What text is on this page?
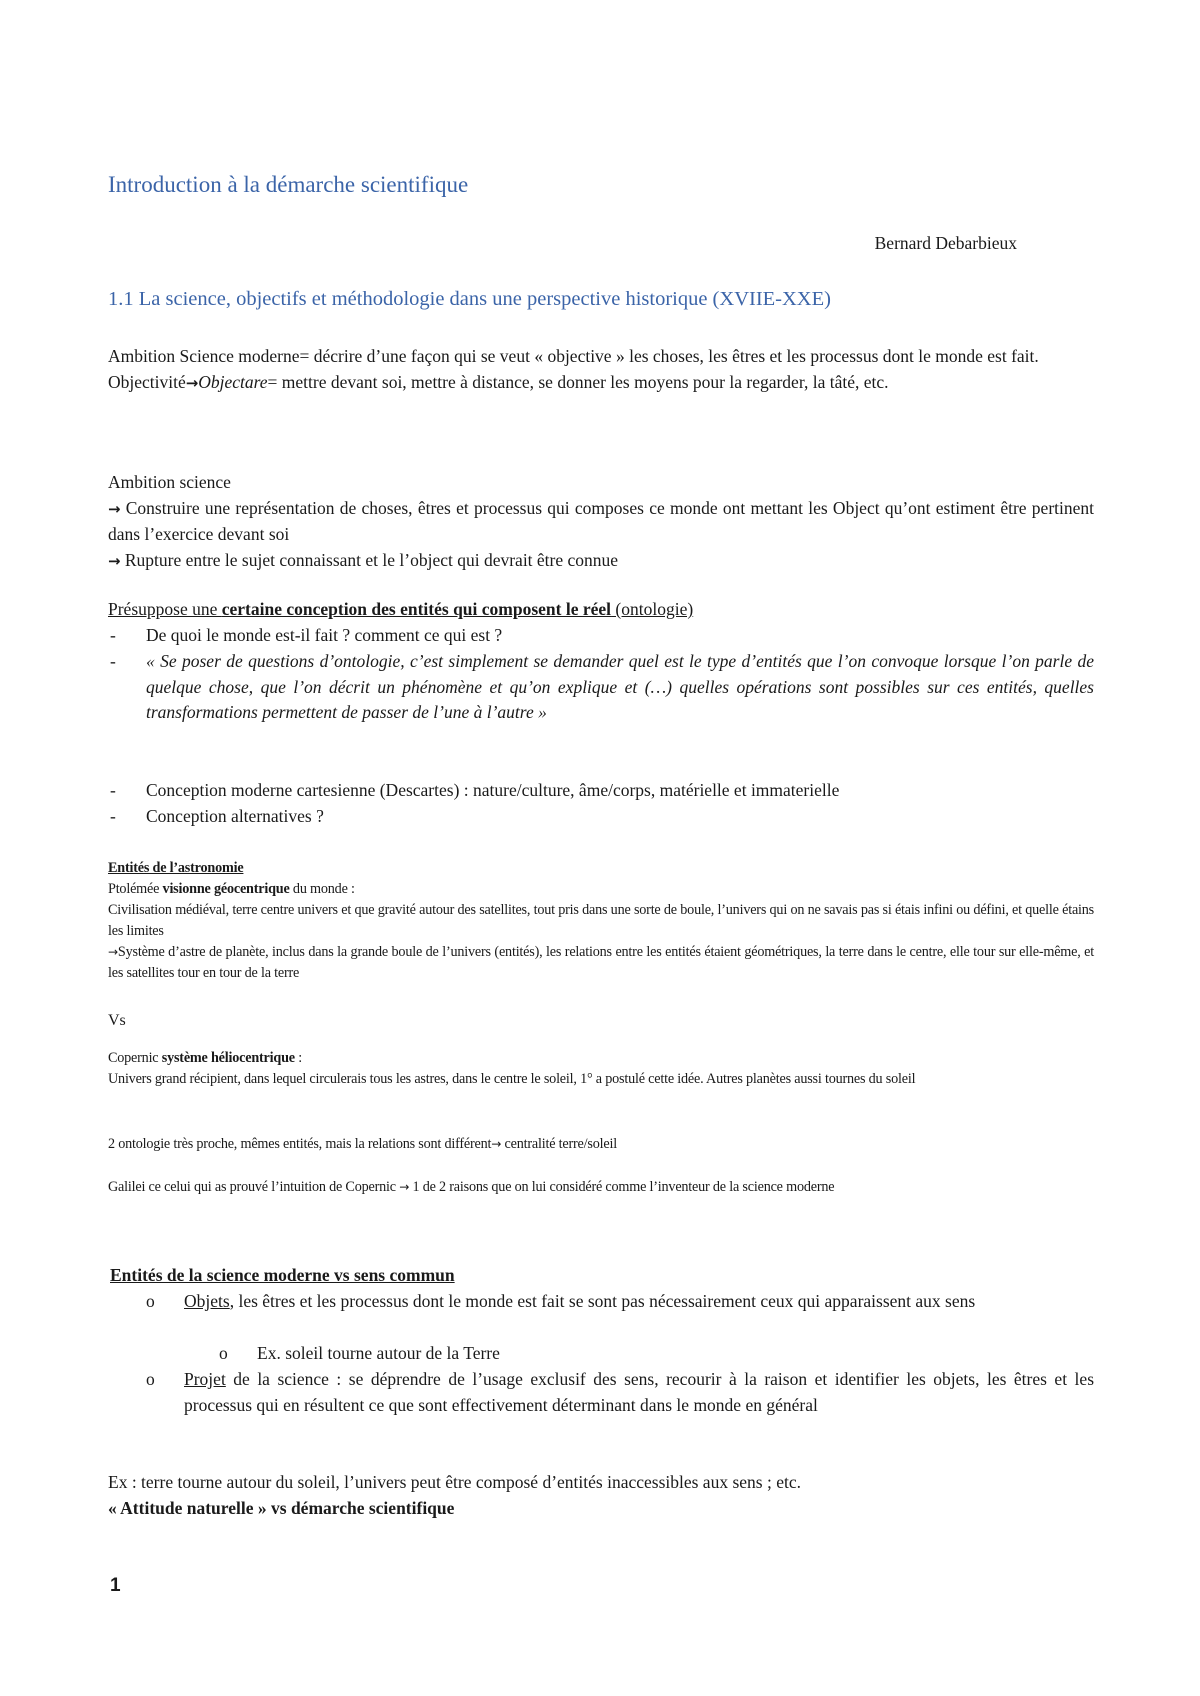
Introduction à la démarche scientifique
Bernard Debarbieux
1.1 La science, objectifs et méthodologie dans une perspective historique (XVIIE-XXE)
Ambition Science moderne= décrire d’une façon qui se veut « objective » les choses, les êtres et les processus dont le monde est fait.
Objectivité→Objectare= mettre devant soi, mettre à distance, se donner les moyens pour la regarder, la tâté, etc.
Ambition science
→ Construire une représentation de choses, êtres et processus qui composes ce monde ont mettant les Object qu’ont estiment être pertinent dans l’exercice devant soi
→ Rupture entre le sujet connaissant et le l’object qui devrait être connue
Présuppose une certaine conception des entités qui composent le réel (ontologie)
- De quoi le monde est-il fait ? comment ce qui est ?
- « Se poser de questions d’ontologie, c’est simplement se demander quel est le type d’entités que l’on convoque lorsque l’on parle de quelque chose, que l’on décrit un phénomène et qu’on explique et (…) quelles opérations sont possibles sur ces entités, quelles transformations permettent de passer de l’une à l’autre »
- Conception moderne cartesienne (Descartes) : nature/culture, âme/corps, matérielle et immaterielle
- Conception alternatives ?
Entités de l’astronomie
Ptolémée visionne géocentrique du monde :
Civilisation médiéval, terre centre univers et que gravité autour des satellites, tout pris dans une sorte de boule, l’univers qui on ne savais pas si étais infini ou défini, et quelle étains les limites
→Système d’astre de planète, inclus dans la grande boule de l’univers (entités), les relations entre les entités étaient géométriques, la terre dans le centre, elle tour sur elle-même, et les satellites tour en tour de la terre
Vs
Copernic système héliocentrique :
Univers grand récipient, dans lequel circulerais tous les astres, dans le centre le soleil, 1° a postulé cette idée. Autres planètes aussi tournes du soleil
2 ontologie très proche, mêmes entités, mais la relations sont différent→ centralité terre/soleil
Galilei ce celui qui as prouvé l’intuition de Copernic → 1 de 2 raisons que on lui considéré comme l’inventeur de la science moderne
Entités de la science moderne vs sens commun
o Objets, les êtres et les processus dont le monde est fait se sont pas nécessairement ceux qui apparaissent aux sens
o Ex. soleil tourne autour de la Terre
o Projet de la science : se déprendre de l’usage exclusif des sens, recourir à la raison et identifier les objets, les êtres et les processus qui en résultent ce que sont effectivement déterminant dans le monde en général
Ex : terre tourne autour du soleil, l’univers peut être composé d’entités inaccessibles aux sens ; etc.
« Attitude naturelle » vs démarche scientifique
1
